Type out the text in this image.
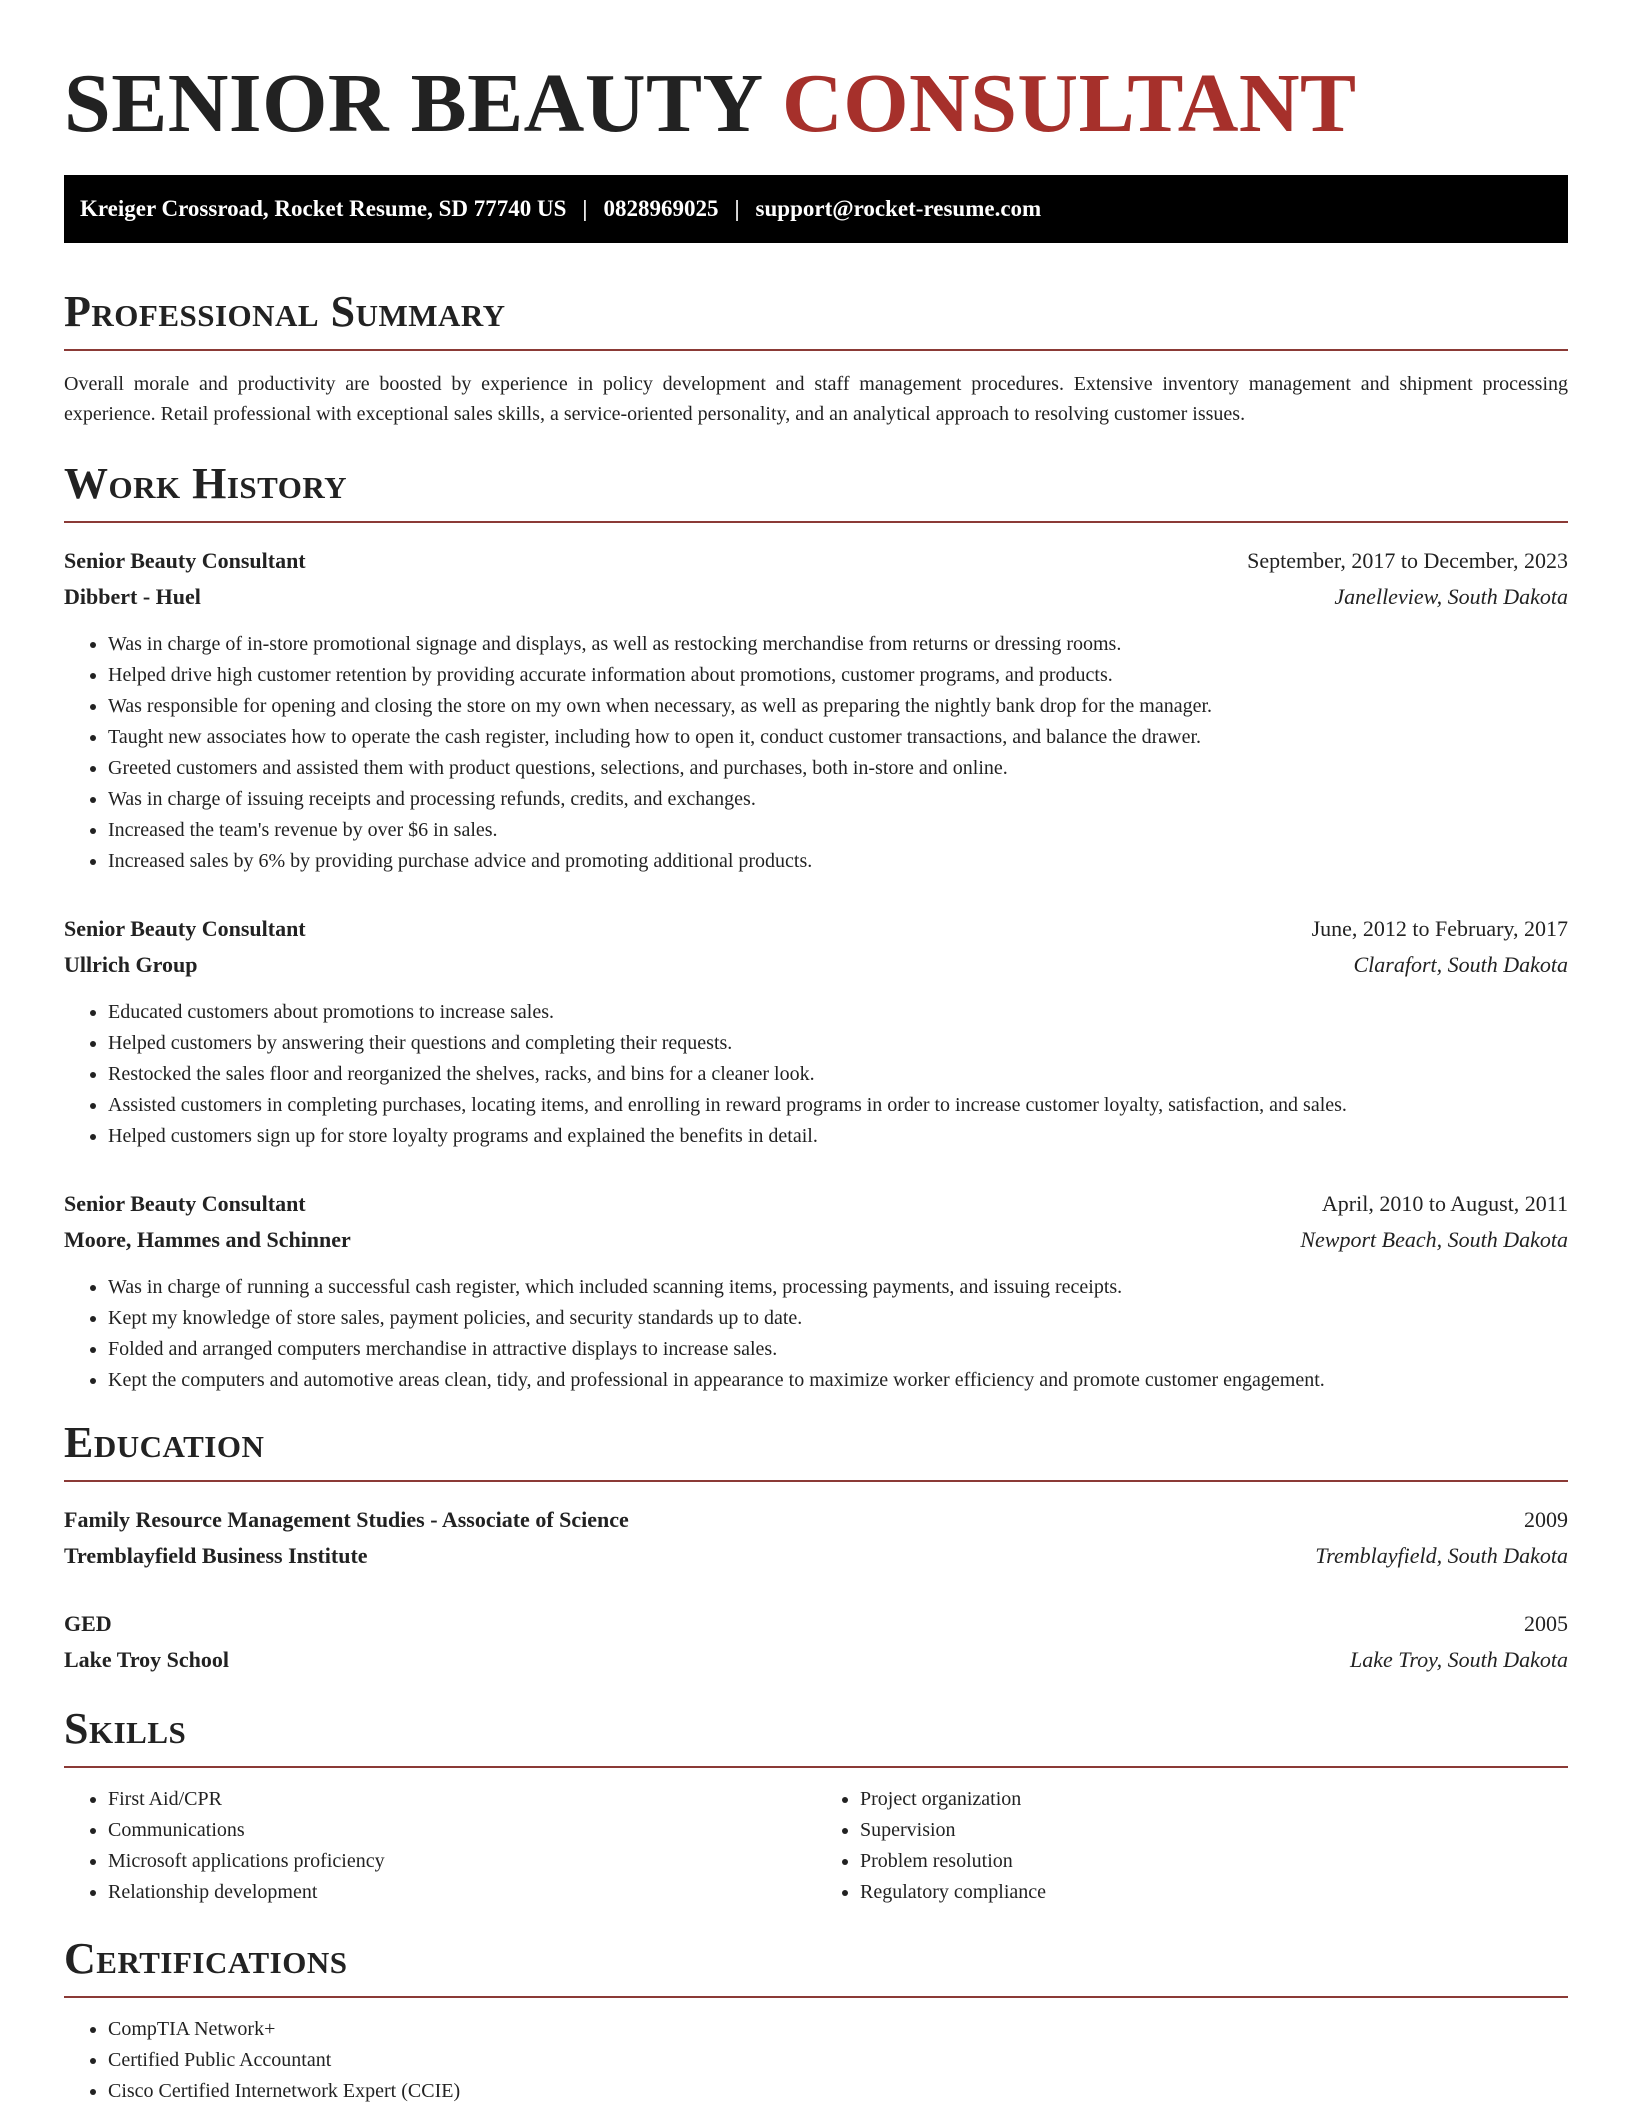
SENIOR BEAUTY CONSULTANT
Kreiger Crossroad, Rocket Resume, SD 77740 US | 0828969025 | support@rocket-resume.com
Professional Summary

Overall morale and productivity are boosted by experience in policy development and staff management procedures. Extensive inventory management and shipment processing experience. Retail professional with exceptional sales skills, a service-oriented personality, and an analytical approach to resolving customer issues.

Work History
Senior Beauty Consultant	September, 2017 to December, 2023
Dibbert - Huel	Janelleview, South Dakota
• Was in charge of in-store promotional signage and displays, as well as restocking merchandise from returns or dressing rooms.
• Helped drive high customer retention by providing accurate information about promotions, customer programs, and products.
• Was responsible for opening and closing the store on my own when necessary, as well as preparing the nightly bank drop for the manager.
• Taught new associates how to operate the cash register, including how to open it, conduct customer transactions, and balance the drawer.
• Greeted customers and assisted them with product questions, selections, and purchases, both in-store and online.
• Was in charge of issuing receipts and processing refunds, credits, and exchanges.
• Increased the team's revenue by over $6 in sales.
• Increased sales by 6% by providing purchase advice and promoting additional products.
Senior Beauty Consultant	June, 2012 to February, 2017
Ullrich Group	Clarafort, South Dakota
• Educated customers about promotions to increase sales.
• Helped customers by answering their questions and completing their requests.
• Restocked the sales floor and reorganized the shelves, racks, and bins for a cleaner look.
• Assisted customers in completing purchases, locating items, and enrolling in reward programs in order to increase customer loyalty, satisfaction, and sales.
• Helped customers sign up for store loyalty programs and explained the benefits in detail.
Senior Beauty Consultant	April, 2010 to August, 2011
Moore, Hammes and Schinner	Newport Beach, South Dakota
• Was in charge of running a successful cash register, which included scanning items, processing payments, and issuing receipts.
• Kept my knowledge of store sales, payment policies, and security standards up to date.
• Folded and arranged computers merchandise in attractive displays to increase sales.
• Kept the computers and automotive areas clean, tidy, and professional in appearance to maximize worker efficiency and promote customer engagement.
Education
Family Resource Management Studies - Associate of Science	2009
Tremblayfield Business Institute	Tremblayfield, South Dakota
GED	2005
Lake Troy School	Lake Troy, South Dakota
Skills
• First Aid/CPR
• Communications
• Microsoft applications proficiency
• Relationship development
• Project organization
• Supervision
• Problem resolution
• Regulatory compliance
Certifications
• CompTIA Network+
• Certified Public Accountant
• Cisco Certified Internetwork Expert (CCIE)
